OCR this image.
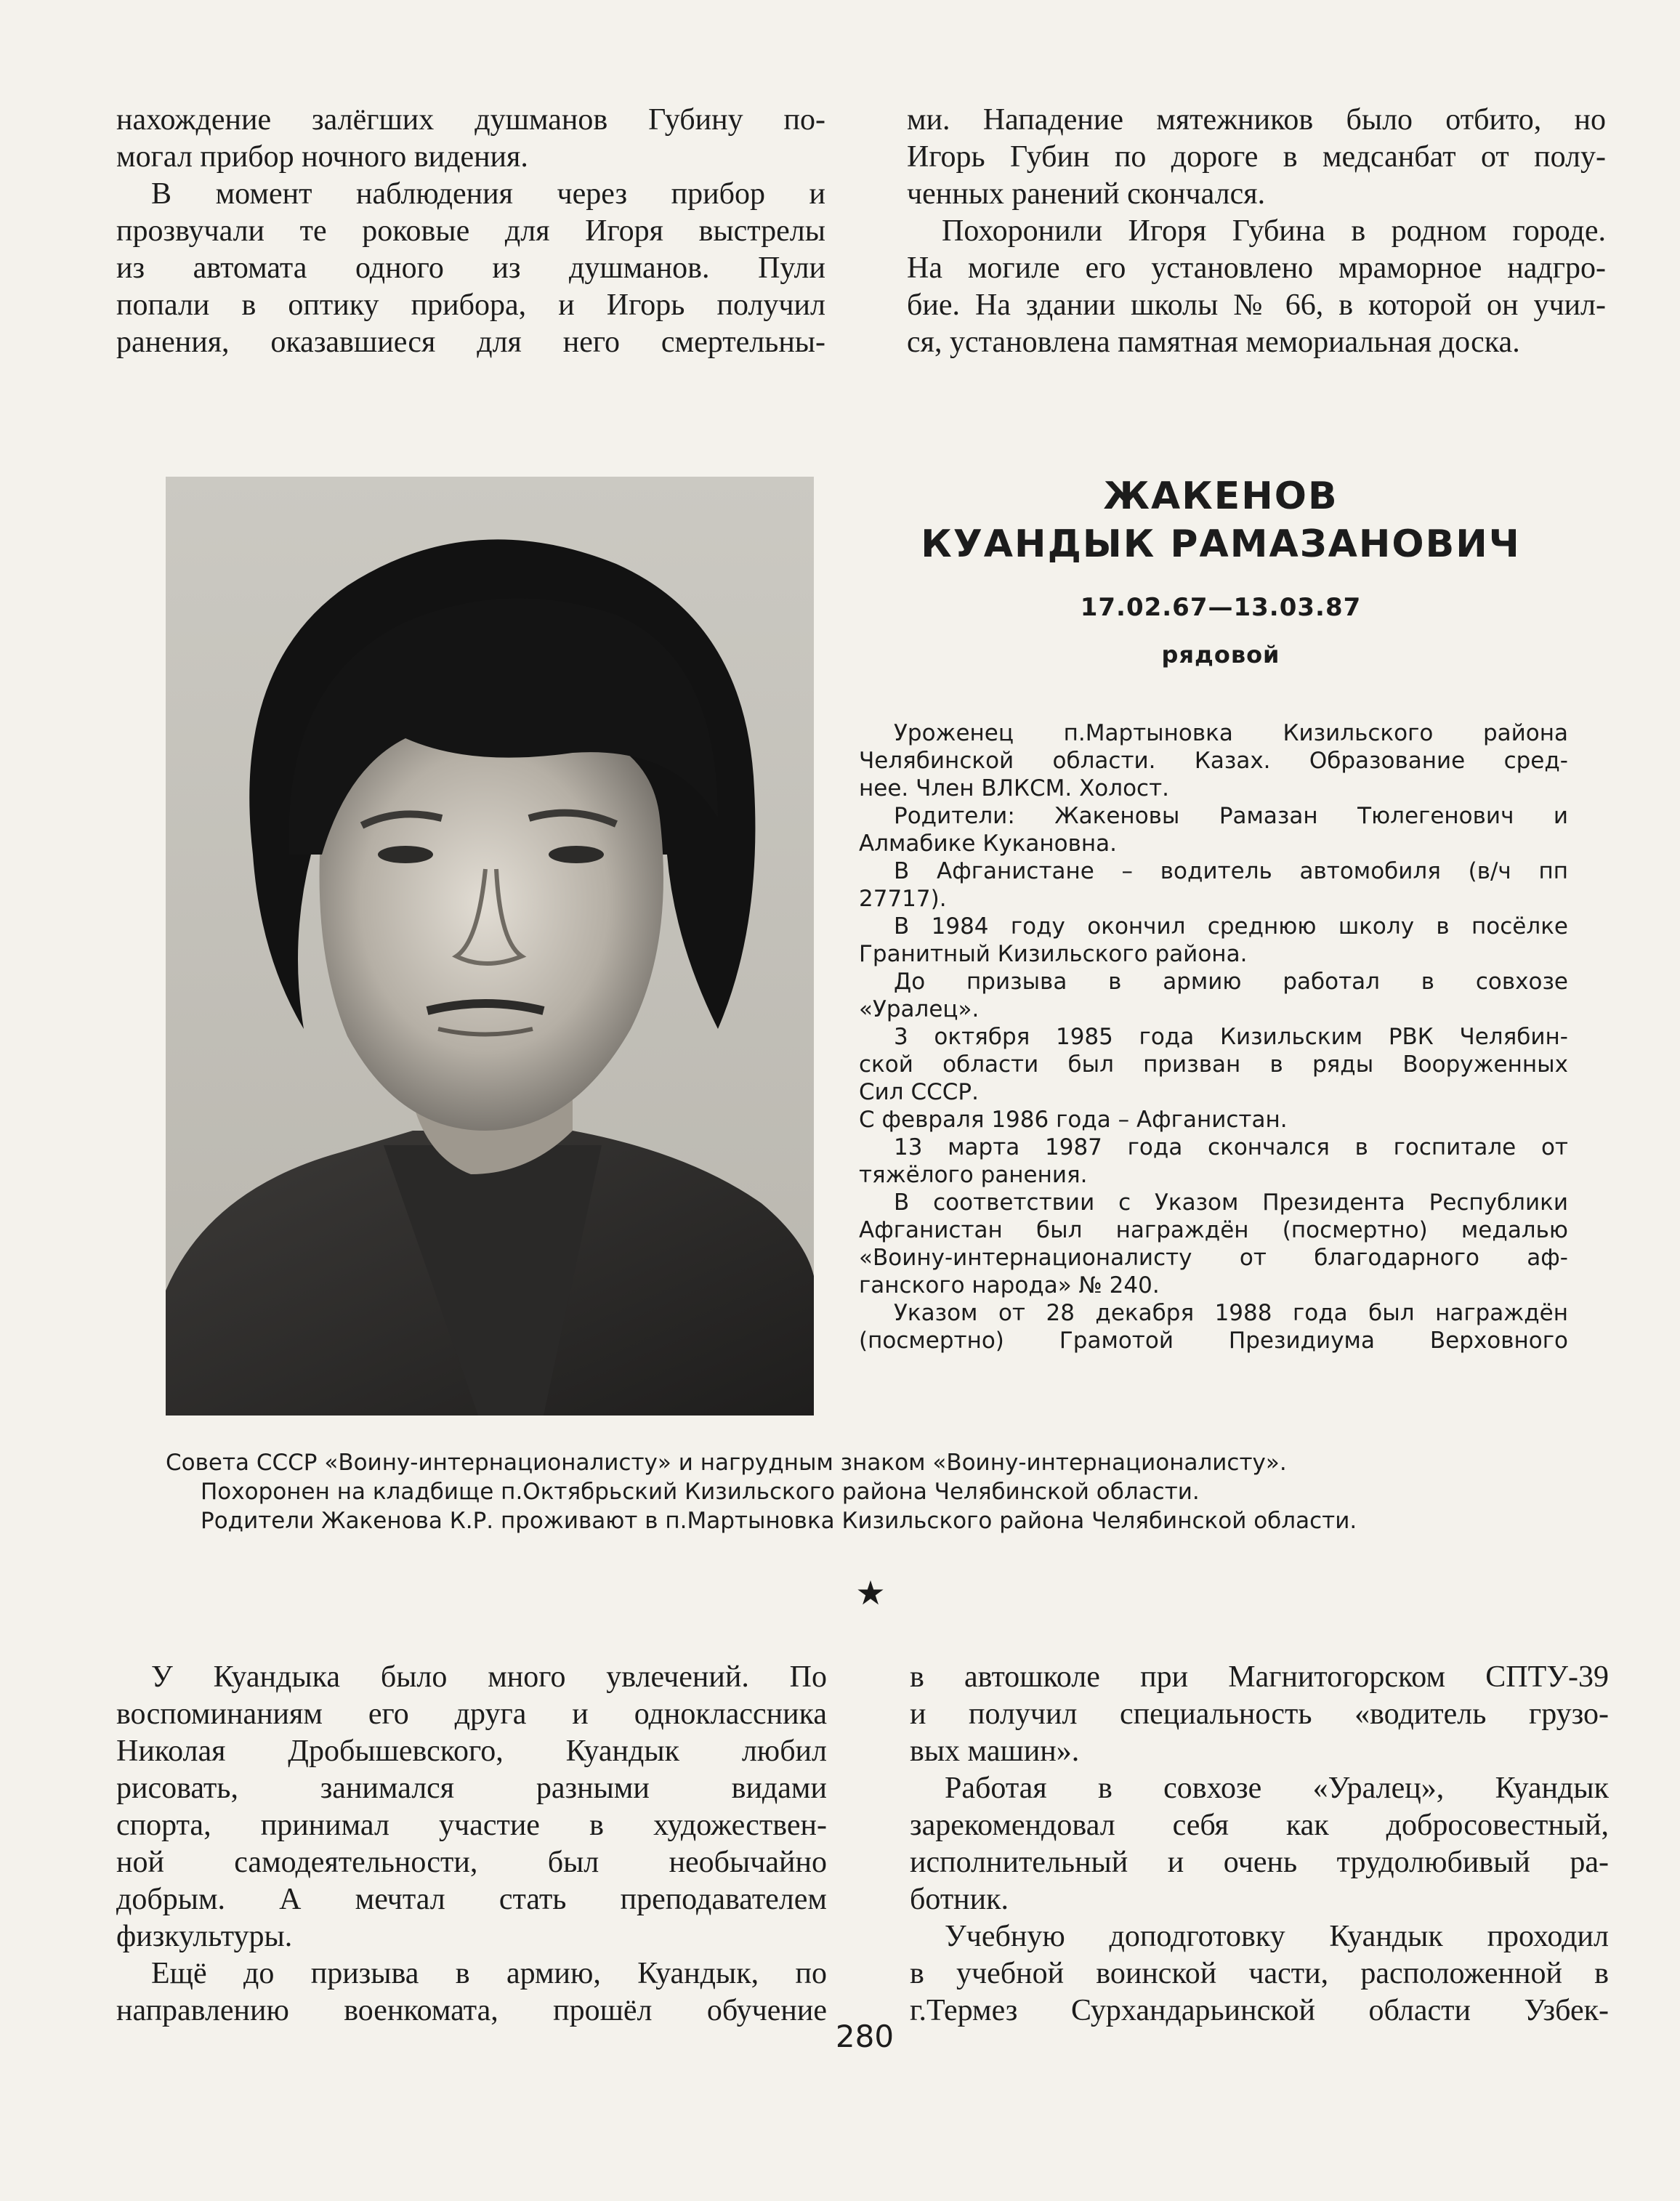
нахождение залёгших душманов Губину по-

могал прибор ночного видения.

В момент наблюдения через прибор и

прозвучали те роковые для Игоря выстрелы

из автомата одного из душманов. Пули

попали в оптику прибора, и Игорь получил

ранения, оказавшиеся для него смертельны-

ми. Нападение мятежников было отбито, но

Игорь Губин по дороге в медсанбат от полу-

ченных ранений скончался.

Похоронили Игоря Губина в родном городе.

На могиле его установлено мраморное надгро-

бие. На здании школы № 66, в которой он учил-

ся, установлена памятная мемориальная доска.

ЖАКЕНОВ

КУАНДЫК РАМАЗАНОВИЧ

17.02.67—13.03.87

рядовой

Уроженец п.Мартыновка Кизильского района

Челябинской области. Казах. Образование сред-

нее. Член ВЛКСМ. Холост.

Родители: Жакеновы Рамазан Тюлегенович и

Алмабике Кукановна.

В Афганистане – водитель автомобиля (в/ч пп

27717).

В 1984 году окончил среднюю школу в посёлке

Гранитный Кизильского района.

До призыва в армию работал в совхозе

«Уралец».

3 октября 1985 года Кизильским РВК Челябин-

ской области был призван в ряды Вооруженных

Сил СССР.

С февраля 1986 года – Афганистан.

13 марта 1987 года скончался в госпитале от

тяжёлого ранения.

В соответствии с Указом Президента Республики

Афганистан был награждён (посмертно) медалью

«Воину-интернационалисту от благодарного аф-

ганского народа» № 240.

Указом от 28 декабря 1988 года был награждён

(посмертно) Грамотой Президиума Верховного

Совета СССР «Воину-интернационалисту» и нагрудным знаком «Воину-интернационалисту».

Похоронен на кладбище п.Октябрьский Кизильского района Челябинской области.

Родители Жакенова К.Р. проживают в п.Мартыновка Кизильского района Челябинской области.

★

У Куандыка было много увлечений. По

воспоминаниям его друга и одноклассника

Николая Дробышевского, Куандык любил

рисовать, занимался разными видами

спорта, принимал участие в художествен-

ной самодеятельности, был необычайно

добрым. А мечтал стать преподавателем

физкультуры.

Ещё до призыва в армию, Куандык, по

направлению военкомата, прошёл обучение

в автошколе при Магнитогорском СПТУ-39

и получил специальность «водитель грузо-

вых машин».

Работая в совхозе «Уралец», Куандык

зарекомендовал себя как добросовестный,

исполнительный и очень трудолюбивый ра-

ботник.

Учебную доподготовку Куандык проходил

в учебной воинской части, расположенной в

г.Термез Сурхандарьинской области Узбек-

280
